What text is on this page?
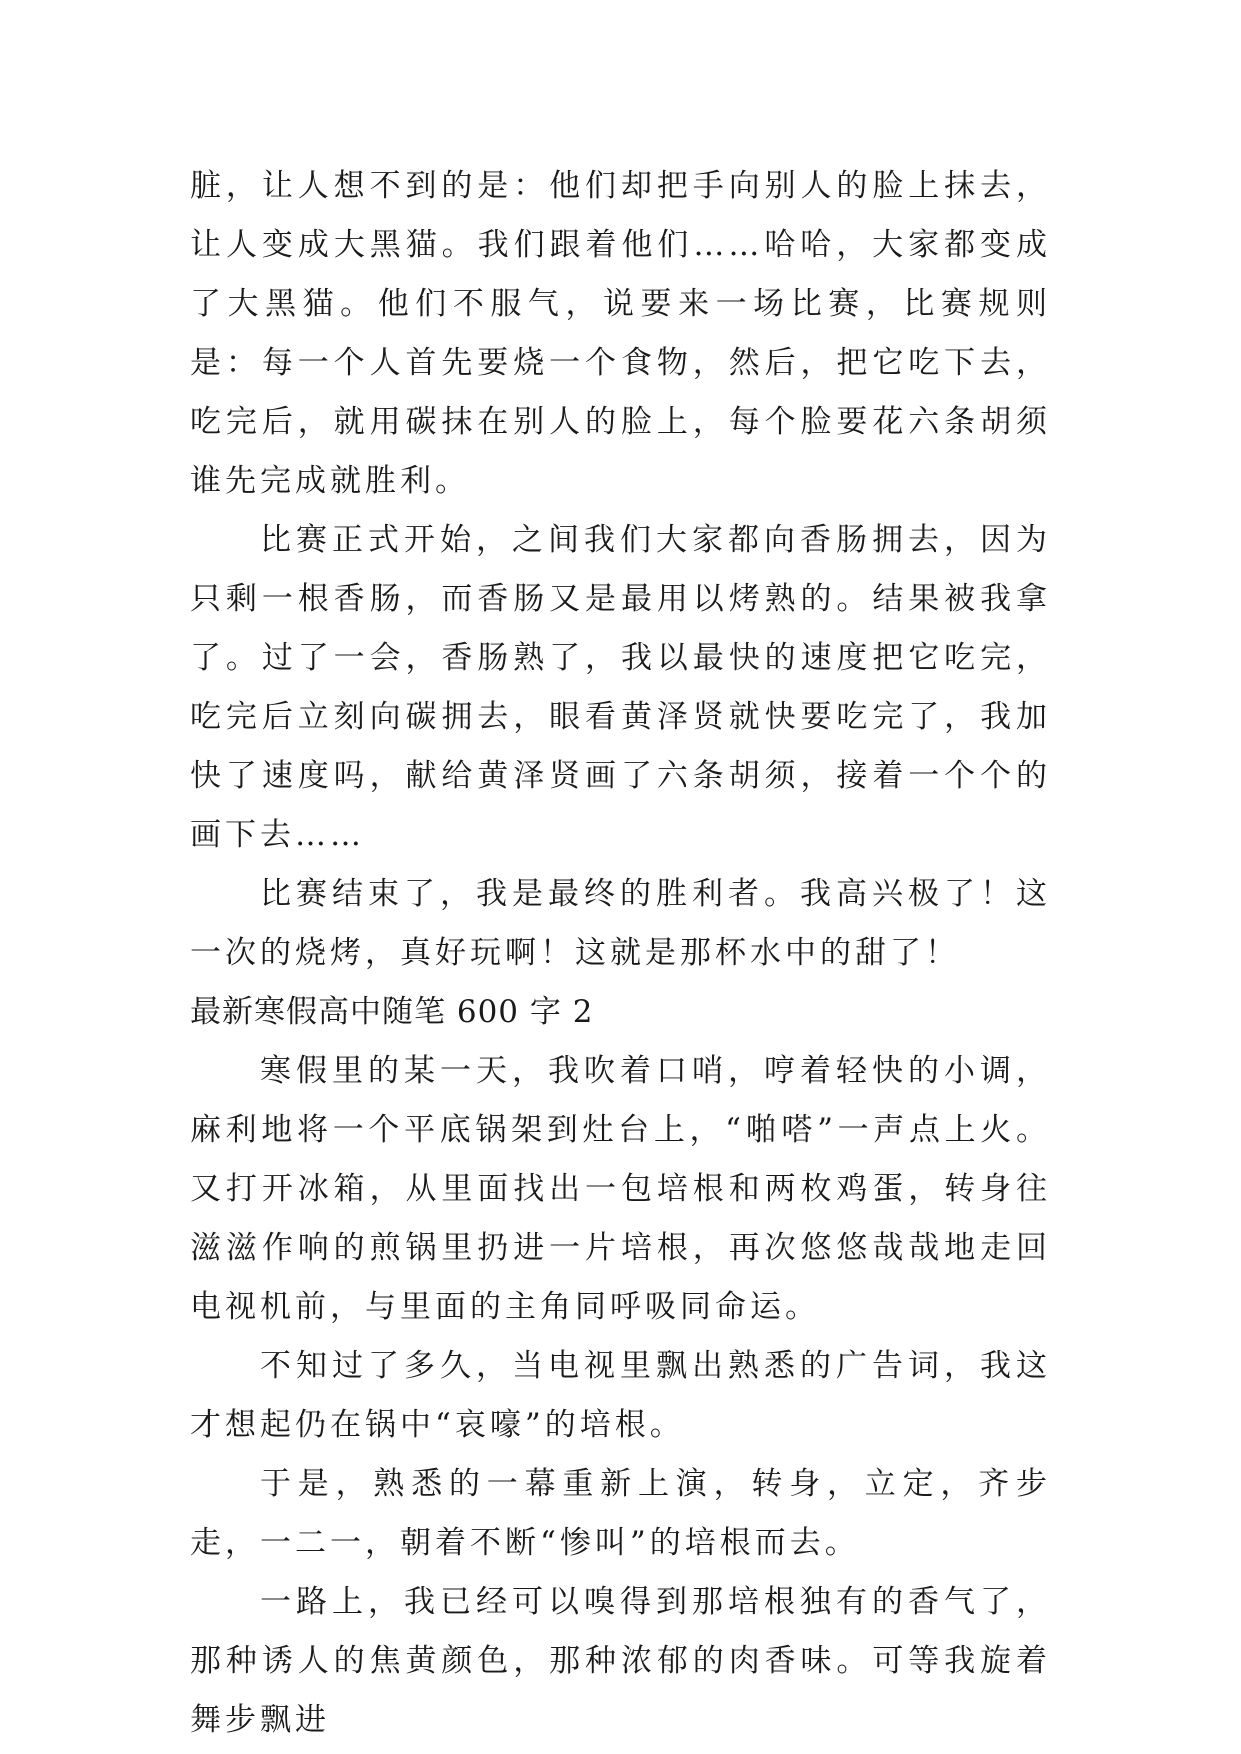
脏，让人想不到的是：他们却把手向别人的脸上抹去，让人变成大黑猫。我们跟着他们……哈哈，大家都变成了大黑猫。他们不服气，说要来一场比赛，比赛规则是：每一个人首先要烧一个食物，然后，把它吃下去，吃完后，就用碳抹在别人的脸上，每个脸要花六条胡须谁先完成就胜利。

比赛正式开始，之间我们大家都向香肠拥去，因为只剩一根香肠，而香肠又是最用以烤熟的。结果被我拿了。过了一会，香肠熟了，我以最快的速度把它吃完，吃完后立刻向碳拥去，眼看黄泽贤就快要吃完了，我加快了速度吗，献给黄泽贤画了六条胡须，接着一个个的画下去……

比赛结束了，我是最终的胜利者。我高兴极了！这一次的烧烤，真好玩啊！这就是那杯水中的甜了！

最新寒假高中随笔 600 字 2

寒假里的某一天，我吹着口哨，哼着轻快的小调，麻利地将一个平底锅架到灶台上，“啪嗒”一声点上火。又打开冰箱，从里面找出一包培根和两枚鸡蛋，转身往滋滋作响的煎锅里扔进一片培根，再次悠悠哉哉地走回电视机前，与里面的主角同呼吸同命运。

不知过了多久，当电视里飘出熟悉的广告词，我这才想起仍在锅中“哀嚎”的培根。

于是，熟悉的一幕重新上演，转身，立定，齐步走，一二一，朝着不断“惨叫”的培根而去。

一路上，我已经可以嗅得到那培根独有的香气了，那种诱人的焦黄颜色，那种浓郁的肉香味。可等我旋着舞步飘进
